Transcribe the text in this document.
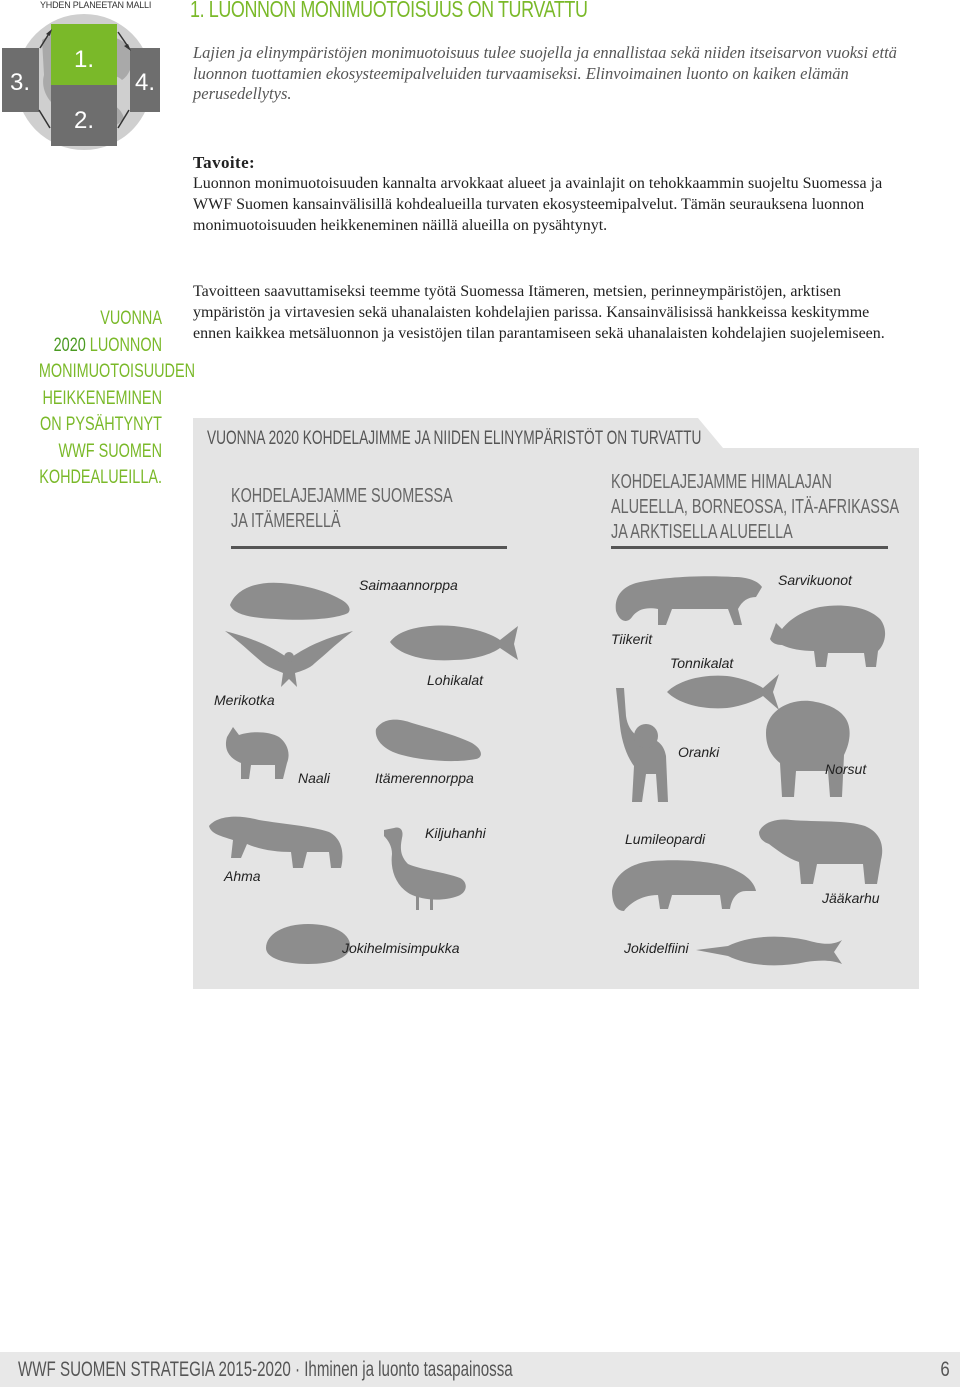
YHDEN PLANEETAN MALLI
1.
2.
3.	4.
1. LUONNON MONIMUOTOISUUS ON TURVATTU
Lajien ja elinympäristöjen monimuotoisuus tulee suojella ja ennallistaa sekä niiden itseisarvon vuoksi että luonnon tuottamien ekosysteemipalveluiden turvaamiseksi. Elinvoimainen luonto on kaiken elämän perusedellytys.
Tavoite:
Luonnon monimuotoisuuden kannalta arvokkaat alueet ja avainlajit on tehokkaammin suojeltu Suomessa ja WWF Suomen kansainvälisillä kohdealueilla turvaten ekosysteemipalvelut. Tämän seurauksena luonnon monimuotoisuuden heikkeneminen näillä alueilla on pysähtynyt.
Tavoitteen saavuttamiseksi teemme työtä Suomessa Itämeren, metsien, perinneympäristöjen, arktisen ympäristön ja virtavesien sekä uhanalaisten kohdelajien parissa. Kansainvälisissä hankkeissa keskitymme ennen kaikkea metsäluonnon ja vesistöjen tilan parantamiseen sekä uhanalaisten kohdelajien suojelemiseen.
VUONNA
2020 LUONNON
MONIMUOTOISUUDEN
HEIKKENEMINEN
ON PYSÄHTYNYT
WWF SUOMEN
KOHDEALUEILLA.
VUONNA 2020 KOHDELAJIMME JA NIIDEN ELINYMPÄRISTÖT ON TURVATTU
KOHDELAJEJAMME SUOMESSA
JA ITÄMERELLÄ
KOHDELAJEJAMME HIMALAJAN
ALUEELLA, BORNEOSSA, ITÄ-AFRIKASSA
JA ARKTISELLA ALUEELLA
Saimaannorppa
Merikotka
Lohikalat
Naali	Itämerennorppa
Ahma
Kiljuhanhi
Jokihelmisimpukka
Tiikerit
Sarvikuonot
Tonnikalat
Oranki
Norsut
Lumileopardi
Jääkarhu
Jokidelfiini
WWF SUOMEN STRATEGIA 2015-2020 · Ihminen ja luonto tasapainossa	6
